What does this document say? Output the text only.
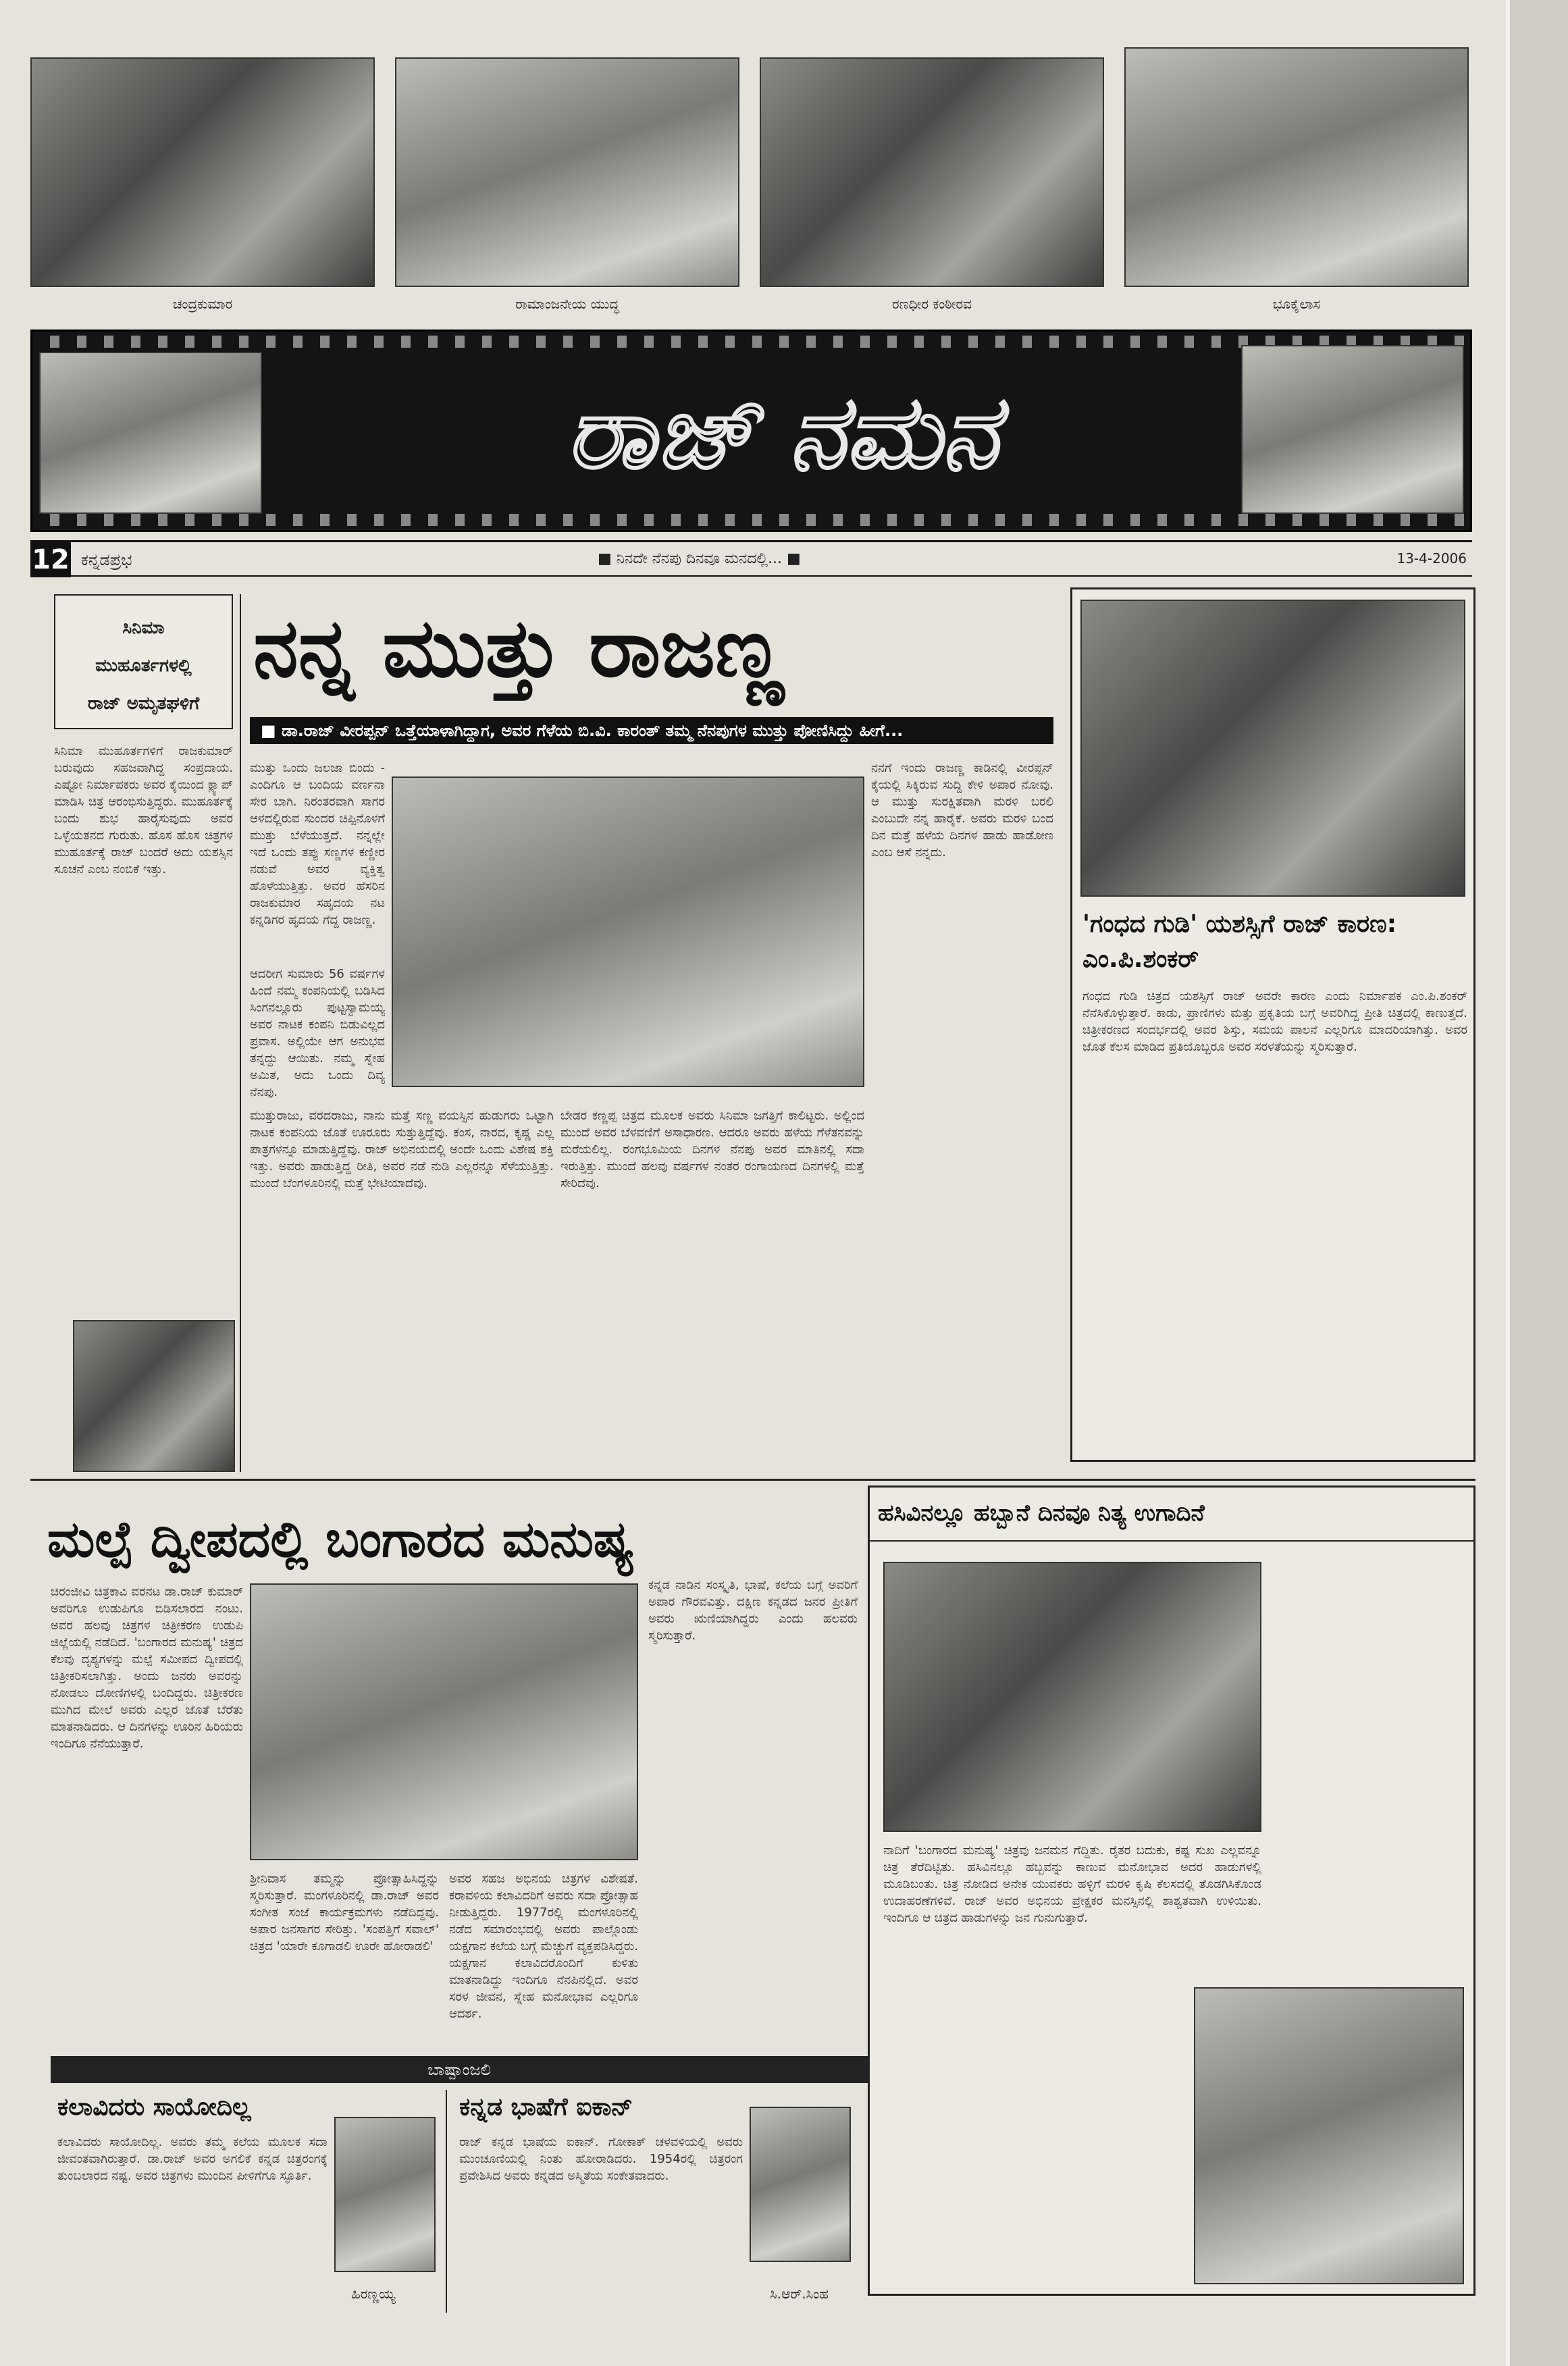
ಚಂದ್ರಕುಮಾರ	ರಾಮಾಂಜನೇಯ ಯುದ್ಧ	ರಣಧೀರ ಕಂಠೀರವ	ಭೂಕೈಲಾಸ
ರಾಜ್ ನಮನ
12 ಕನ್ನಡಪ್ರಭ	■ ನಿನದೇ ನೆನಪು ದಿನವೂ ಮನದಲ್ಲಿ... ■	13-4-2006
ಸಿನಿಮಾ
ಮುಹೂರ್ತಗಳಲ್ಲಿ
ರಾಜ್ ಅಮೃತಘಳಿಗೆ
ಸಿನಿಮಾ ಮುಹೂರ್ತಗಳಿಗೆ ರಾಜಕುಮಾರ್ ಬರುವುದು ಸಹಜವಾಗಿದ್ದ ಸಂಪ್ರದಾಯ. ಎಷ್ಟೋ ನಿರ್ಮಾಪಕರು ಅವರ ಕೈಯಿಂದ ಕ್ಲ್ಯಾಪ್ ಮಾಡಿಸಿ ಚಿತ್ರ ಆರಂಭಿಸುತ್ತಿದ್ದರು. ಮುಹೂರ್ತಕ್ಕೆ ಬಂದು ಶುಭ ಹಾರೈಸುವುದು ಅವರ ಒಳ್ಳೆಯತನದ ಗುರುತು. ಹೊಸ ಹೊಸ ಚಿತ್ರಗಳ ಮುಹೂರ್ತಕ್ಕೆ ರಾಜ್ ಬಂದರೆ ಅದು ಯಶಸ್ಸಿನ ಸೂಚನೆ ಎಂಬ ನಂಬಿಕೆ ಇತ್ತು.
ನನ್ನ ಮುತ್ತು ರಾಜಣ್ಣ
■ ಡಾ.ರಾಜ್ ವೀರಪ್ಪನ್ ಒತ್ತೆಯಾಳಾಗಿದ್ದಾಗ, ಅವರ ಗೆಳೆಯ ಬಿ.ವಿ. ಕಾರಂತ್ ತಮ್ಮ ನೆನಪುಗಳ ಮುತ್ತು ಪೋಣಿಸಿದ್ದು ಹೀಗೆ...
ಮುತ್ತು ಒಂದು ಜಲಜಾ ಬಿಂದು - ಎಂದಿಗೂ ಆ ಬಂದಿಯ ವರ್ಣನಾ ಸೇರ ಬಾಗಿ. ನಿರಂತರವಾಗಿ ಸಾಗರ ಆಳದಲ್ಲಿರುವ ಸುಂದರ ಚಿಪ್ಪಿನೊಳಗೆ ಮುತ್ತು ಬೆಳೆಯುತ್ತದೆ. ನನ್ನಲ್ಲೇ ಇದೆ ಒಂದು ತಪ್ಪು ಸಣ್ಣಗಳ ಕಣ್ಣೀರ ನಡುವೆ ಅವರ ವ್ಯಕ್ತಿತ್ವ ಹೊಳೆಯುತ್ತಿತ್ತು. ಅವರ ಹೆಸರಿನ ರಾಜಕುಮಾರ ಸಹೃದಯ ನಟ ಕನ್ನಡಿಗರ ಹೃದಯ ಗೆದ್ದ ರಾಜಣ್ಣ.
ಆದರೀಗ ಸುಮಾರು 56 ವರ್ಷಗಳ ಹಿಂದೆ ನಮ್ಮ ಕಂಪನಿಯಲ್ಲಿ ಬಡಿಸಿದ ಸಿಂಗನಲ್ಲೂರು ಪುಟ್ಟಸ್ವಾಮಯ್ಯ ಅವರ ನಾಟಕ ಕಂಪನಿ ಬಿಡುವಿಲ್ಲದ ಪ್ರವಾಸ. ಅಲ್ಲಿಯೇ ಆಗ ಅನುಭವ ತನ್ನದ್ದು ಆಯಿತು. ನಮ್ಮ ಸ್ನೇಹ ಅಮಿತ, ಅದು ಒಂದು ದಿವ್ಯ ನೆನಪು.
ನನಗೆ ಇಂದು ರಾಜಣ್ಣ ಕಾಡಿನಲ್ಲಿ ವೀರಪ್ಪನ್ ಕೈಯಲ್ಲಿ ಸಿಕ್ಕಿರುವ ಸುದ್ದಿ ಕೇಳಿ ಅಪಾರ ನೋವು. ಆ ಮುತ್ತು ಸುರಕ್ಷಿತವಾಗಿ ಮರಳಿ ಬರಲಿ ಎಂಬುದೇ ನನ್ನ ಹಾರೈಕೆ. ಅವರು ಮರಳಿ ಬಂದ ದಿನ ಮತ್ತೆ ಹಳೆಯ ದಿನಗಳ ಹಾಡು ಹಾಡೋಣ ಎಂಬ ಆಸೆ ನನ್ನದು.
ಮುತ್ತುರಾಜು, ವರದರಾಜು, ನಾನು ಮತ್ತೆ ಸಣ್ಣ ವಯಸ್ಸಿನ ಹುಡುಗರು ಒಟ್ಟಾಗಿ ನಾಟಕ ಕಂಪನಿಯ ಜೊತೆ ಊರೂರು ಸುತ್ತುತ್ತಿದ್ದೆವು. ಕಂಸ, ನಾರದ, ಕೃಷ್ಣ ಎಲ್ಲ ಪಾತ್ರಗಳನ್ನೂ ಮಾಡುತ್ತಿದ್ದೆವು. ರಾಜ್ ಅಭಿನಯದಲ್ಲಿ ಅಂದೇ ಒಂದು ವಿಶೇಷ ಶಕ್ತಿ ಇತ್ತು. ಅವರು ಹಾಡುತ್ತಿದ್ದ ರೀತಿ, ಅವರ ನಡೆ ನುಡಿ ಎಲ್ಲರನ್ನೂ ಸೆಳೆಯುತ್ತಿತ್ತು. ಮುಂದೆ ಬೆಂಗಳೂರಿನಲ್ಲಿ ಮತ್ತೆ ಭೇಟಿಯಾದೆವು.
ಬೇಡರ ಕಣ್ಣಪ್ಪ ಚಿತ್ರದ ಮೂಲಕ ಅವರು ಸಿನಿಮಾ ಜಗತ್ತಿಗೆ ಕಾಲಿಟ್ಟರು. ಅಲ್ಲಿಂದ ಮುಂದೆ ಅವರ ಬೆಳವಣಿಗೆ ಅಸಾಧಾರಣ. ಆದರೂ ಅವರು ಹಳೆಯ ಗೆಳೆತನವನ್ನು ಮರೆಯಲಿಲ್ಲ. ರಂಗಭೂಮಿಯ ದಿನಗಳ ನೆನಪು ಅವರ ಮಾತಿನಲ್ಲಿ ಸದಾ ಇರುತ್ತಿತ್ತು. ಮುಂದೆ ಹಲವು ವರ್ಷಗಳ ನಂತರ ರಂಗಾಯಣದ ದಿನಗಳಲ್ಲಿ ಮತ್ತೆ ಸೇರಿದೆವು.
'ಗಂಧದ ಗುಡಿ' ಯಶಸ್ಸಿಗೆ ರಾಜ್ ಕಾರಣ: ಎಂ.ಪಿ.ಶಂಕರ್
ಗಂಧದ ಗುಡಿ ಚಿತ್ರದ ಯಶಸ್ಸಿಗೆ ರಾಜ್ ಅವರೇ ಕಾರಣ ಎಂದು ನಿರ್ಮಾಪಕ ಎಂ.ಪಿ.ಶಂಕರ್ ನೆನೆಸಿಕೊಳ್ಳುತ್ತಾರೆ. ಕಾಡು, ಪ್ರಾಣಿಗಳು ಮತ್ತು ಪ್ರಕೃತಿಯ ಬಗ್ಗೆ ಅವರಿಗಿದ್ದ ಪ್ರೀತಿ ಚಿತ್ರದಲ್ಲಿ ಕಾಣುತ್ತದೆ. ಚಿತ್ರೀಕರಣದ ಸಂದರ್ಭದಲ್ಲಿ ಅವರ ಶಿಸ್ತು, ಸಮಯ ಪಾಲನೆ ಎಲ್ಲರಿಗೂ ಮಾದರಿಯಾಗಿತ್ತು. ಅವರ ಜೊತೆ ಕೆಲಸ ಮಾಡಿದ ಪ್ರತಿಯೊಬ್ಬರೂ ಅವರ ಸರಳತೆಯನ್ನು ಸ್ಮರಿಸುತ್ತಾರೆ.
ಮಲ್ಪೆ ದ್ವೀಪದಲ್ಲಿ ಬಂಗಾರದ ಮನುಷ್ಯ
ಚಿರಂಜೀವಿ ಚಿತ್ರಕಾವಿ ವರನಟ ಡಾ.ರಾಜ್ ಕುಮಾರ್ ಅವರಿಗೂ ಉಡುಪಿಗೂ ಬಿಡಿಸಲಾರದ ನಂಟು. ಅವರ ಹಲವು ಚಿತ್ರಗಳ ಚಿತ್ರೀಕರಣ ಉಡುಪಿ ಜಿಲ್ಲೆಯಲ್ಲಿ ನಡೆದಿದೆ. 'ಬಂಗಾರದ ಮನುಷ್ಯ' ಚಿತ್ರದ ಕೆಲವು ದೃಶ್ಯಗಳನ್ನು ಮಲ್ಪೆ ಸಮೀಪದ ದ್ವೀಪದಲ್ಲಿ ಚಿತ್ರೀಕರಿಸಲಾಗಿತ್ತು. ಅಂದು ಜನರು ಅವರನ್ನು ನೋಡಲು ದೋಣಿಗಳಲ್ಲಿ ಬಂದಿದ್ದರು. ಚಿತ್ರೀಕರಣ ಮುಗಿದ ಮೇಲೆ ಅವರು ಎಲ್ಲರ ಜೊತೆ ಬೆರೆತು ಮಾತನಾಡಿದರು. ಆ ದಿನಗಳನ್ನು ಊರಿನ ಹಿರಿಯರು ಇಂದಿಗೂ ನೆನೆಯುತ್ತಾರೆ.
ಶ್ರೀನಿವಾಸ ತಮ್ಮನ್ನು ಪ್ರೋತ್ಸಾಹಿಸಿದ್ದನ್ನು ಸ್ಮರಿಸುತ್ತಾರೆ. ಮಂಗಳೂರಿನಲ್ಲಿ ಡಾ.ರಾಜ್ ಅವರ ಸಂಗೀತ ಸಂಜೆ ಕಾರ್ಯಕ್ರಮಗಳು ನಡೆದಿದ್ದವು. ಅಪಾರ ಜನಸಾಗರ ಸೇರಿತ್ತು. 'ಸಂಪತ್ತಿಗೆ ಸವಾಲ್' ಚಿತ್ರದ 'ಯಾರೇ ಕೂಗಾಡಲಿ ಊರೇ ಹೋರಾಡಲಿ'
ಅವರ ಸಹಜ ಅಭಿನಯ ಚಿತ್ರಗಳ ವಿಶೇಷತೆ. ಕರಾವಳಿಯ ಕಲಾವಿದರಿಗೆ ಅವರು ಸದಾ ಪ್ರೋತ್ಸಾಹ ನೀಡುತ್ತಿದ್ದರು. 1977ರಲ್ಲಿ ಮಂಗಳೂರಿನಲ್ಲಿ ನಡೆದ ಸಮಾರಂಭದಲ್ಲಿ ಅವರು ಪಾಲ್ಗೊಂಡು ಯಕ್ಷಗಾನ ಕಲೆಯ ಬಗ್ಗೆ ಮೆಚ್ಚುಗೆ ವ್ಯಕ್ತಪಡಿಸಿದ್ದರು. ಯಕ್ಷಗಾನ ಕಲಾವಿದರೊಂದಿಗೆ ಕುಳಿತು ಮಾತನಾಡಿದ್ದು ಇಂದಿಗೂ ನೆನಪಿನಲ್ಲಿದೆ. ಅವರ ಸರಳ ಜೀವನ, ಸ್ನೇಹ ಮನೋಭಾವ ಎಲ್ಲರಿಗೂ ಆದರ್ಶ.
ಕನ್ನಡ ನಾಡಿನ ಸಂಸ್ಕೃತಿ, ಭಾಷೆ, ಕಲೆಯ ಬಗ್ಗೆ ಅವರಿಗೆ ಅಪಾರ ಗೌರವವಿತ್ತು. ದಕ್ಷಿಣ ಕನ್ನಡದ ಜನರ ಪ್ರೀತಿಗೆ ಅವರು ಋಣಿಯಾಗಿದ್ದರು ಎಂದು ಹಲವರು ಸ್ಮರಿಸುತ್ತಾರೆ.
ಹಸಿವಿನಲ್ಲೂ ಹಬ್ಬಾನೆ ದಿನವೂ ನಿತ್ಯ ಉಗಾದಿನೆ
ನಾದಿಗೆ 'ಬಂಗಾರದ ಮನುಷ್ಯ' ಚಿತ್ರವು ಜನಮನ ಗೆದ್ದಿತು. ರೈತರ ಬದುಕು, ಕಷ್ಟ ಸುಖ ಎಲ್ಲವನ್ನೂ ಚಿತ್ರ ತೆರೆದಿಟ್ಟಿತು. ಹಸಿವಿನಲ್ಲೂ ಹಬ್ಬವನ್ನು ಕಾಣುವ ಮನೋಭಾವ ಅದರ ಹಾಡುಗಳಲ್ಲಿ ಮೂಡಿಬಂತು. ಚಿತ್ರ ನೋಡಿದ ಅನೇಕ ಯುವಕರು ಹಳ್ಳಿಗೆ ಮರಳಿ ಕೃಷಿ ಕೆಲಸದಲ್ಲಿ ತೊಡಗಿಸಿಕೊಂಡ ಉದಾಹರಣೆಗಳಿವೆ. ರಾಜ್ ಅವರ ಅಭಿನಯ ಪ್ರೇಕ್ಷಕರ ಮನಸ್ಸಿನಲ್ಲಿ ಶಾಶ್ವತವಾಗಿ ಉಳಿಯಿತು. ಇಂದಿಗೂ ಆ ಚಿತ್ರದ ಹಾಡುಗಳನ್ನು ಜನ ಗುನುಗುತ್ತಾರೆ.
ಬಾಷ್ಪಾಂಜಲಿ
ಕಲಾವಿದರು ಸಾಯೋದಿಲ್ಲ
ಕಲಾವಿದರು ಸಾಯೋದಿಲ್ಲ. ಅವರು ತಮ್ಮ ಕಲೆಯ ಮೂಲಕ ಸದಾ ಜೀವಂತವಾಗಿರುತ್ತಾರೆ. ಡಾ.ರಾಜ್ ಅವರ ಅಗಲಿಕೆ ಕನ್ನಡ ಚಿತ್ರರಂಗಕ್ಕೆ ತುಂಬಲಾರದ ನಷ್ಟ. ಅವರ ಚಿತ್ರಗಳು ಮುಂದಿನ ಪೀಳಿಗೆಗೂ ಸ್ಫೂರ್ತಿ.
ಹಿರಣ್ಣಯ್ಯ
ಕನ್ನಡ ಭಾಷೆಗೆ ಐಕಾನ್
ರಾಜ್ ಕನ್ನಡ ಭಾಷೆಯ ಐಕಾನ್. ಗೋಕಾಕ್ ಚಳವಳಿಯಲ್ಲಿ ಅವರು ಮುಂಚೂಣಿಯಲ್ಲಿ ನಿಂತು ಹೋರಾಡಿದರು. 1954ರಲ್ಲಿ ಚಿತ್ರರಂಗ ಪ್ರವೇಶಿಸಿದ ಅವರು ಕನ್ನಡದ ಅಸ್ಮಿತೆಯ ಸಂಕೇತವಾದರು.
ಸಿ.ಆರ್.ಸಿಂಹ
